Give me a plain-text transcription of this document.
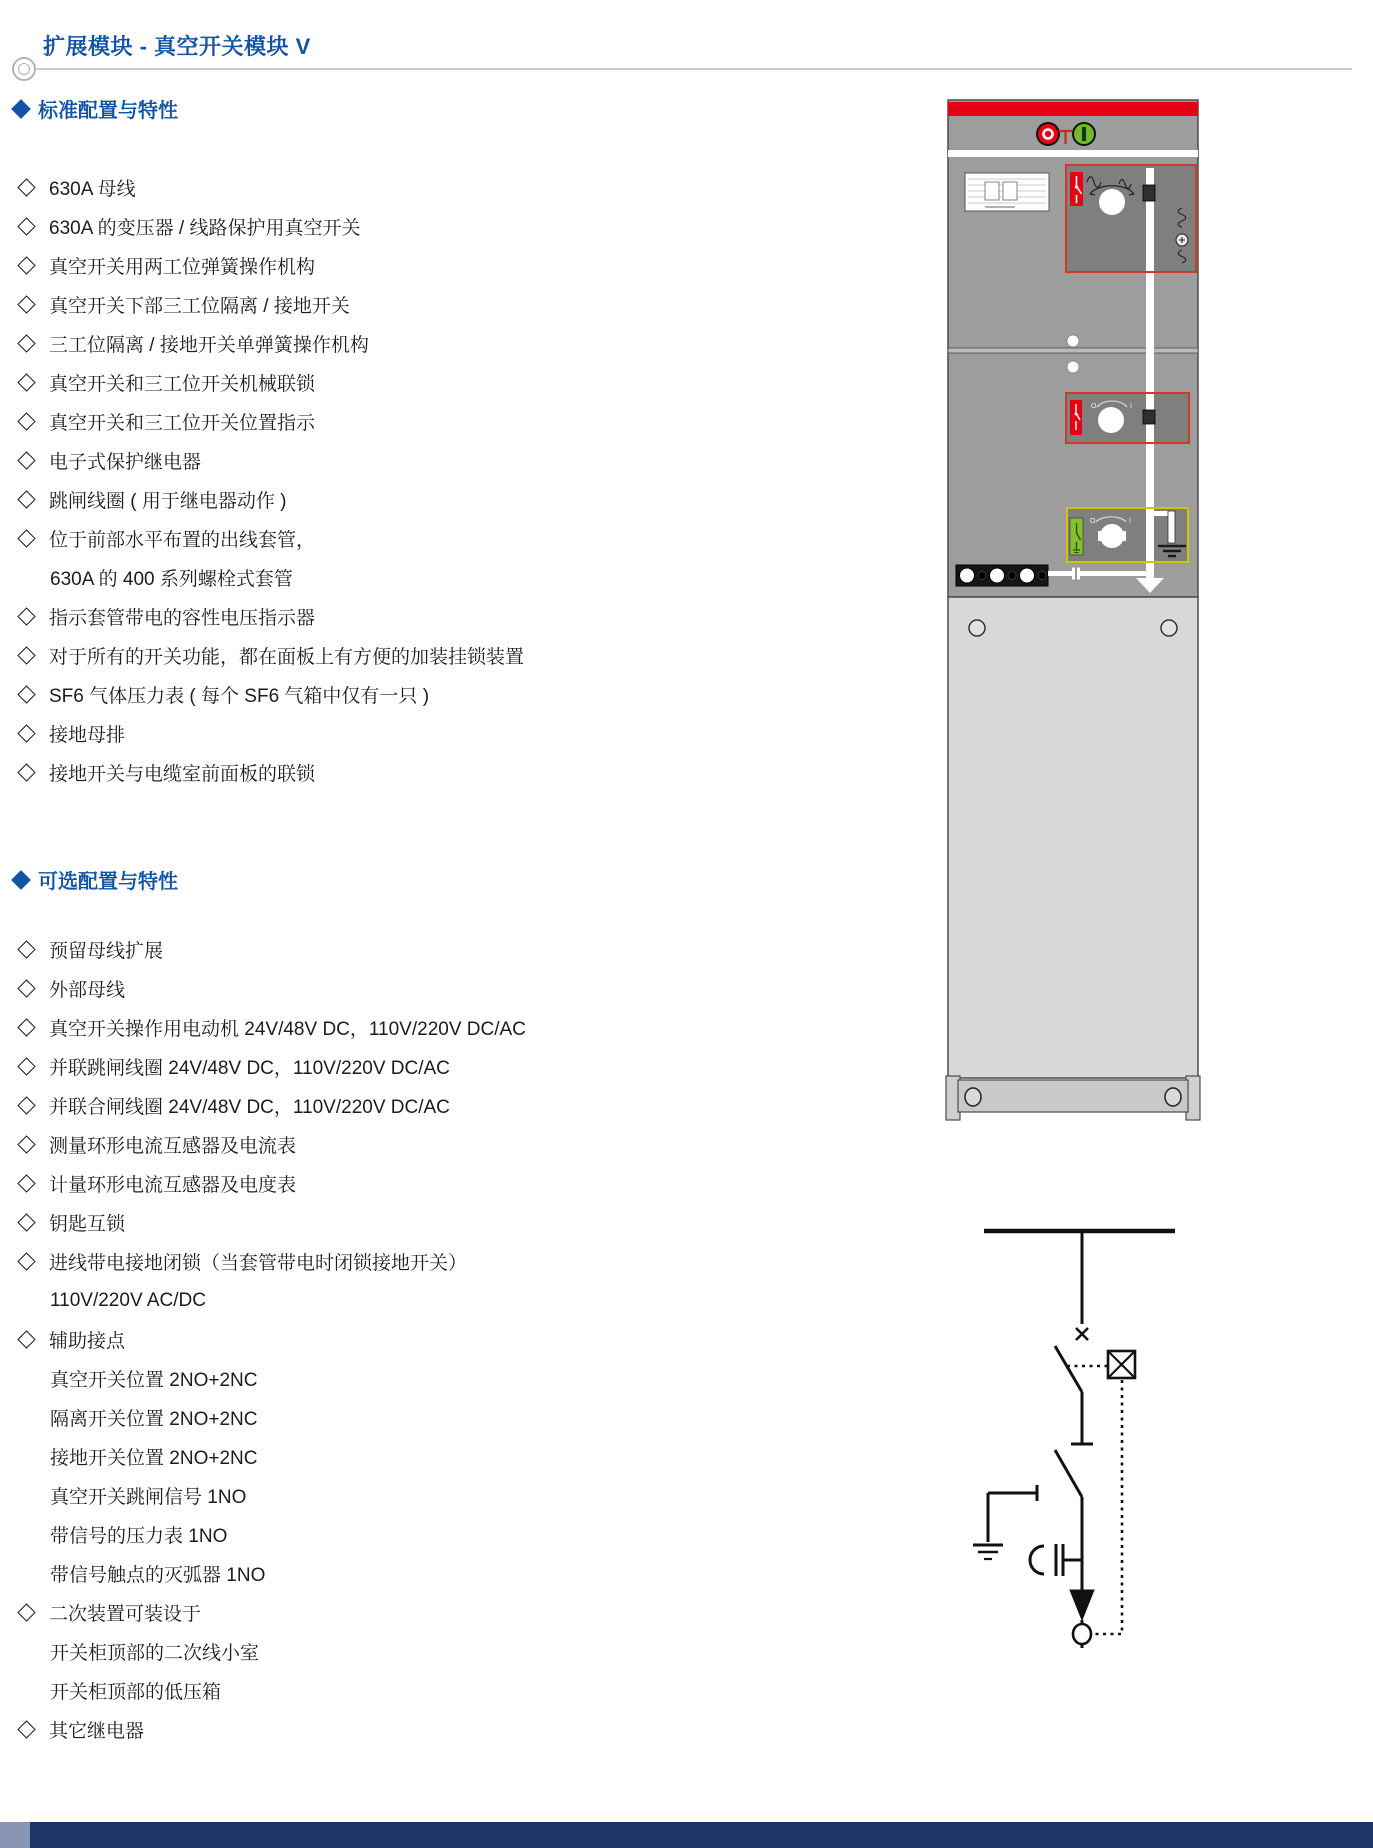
扩展模块 - 真空开关模块 V
标准配置与特性
630A 母线
630A 的变压器 / 线路保护用真空开关
真空开关用两工位弹簧操作机构
真空开关下部三工位隔离 / 接地开关
三工位隔离 / 接地开关单弹簧操作机构
真空开关和三工位开关机械联锁
真空开关和三工位开关位置指示
电子式保护继电器
跳闸线圈 ( 用于继电器动作 )
位于前部水平布置的出线套管，
630A 的 400 系列螺栓式套管
指示套管带电的容性电压指示器
对于所有的开关功能，都在面板上有方便的加装挂锁装置
SF6 气体压力表 ( 每个 SF6 气箱中仅有一只 )
接地母排
接地开关与电缆室前面板的联锁
可选配置与特性
预留母线扩展
外部母线
真空开关操作用电动机 24V/48V DC，110V/220V DC/AC
并联跳闸线圈 24V/48V DC，110V/220V DC/AC
并联合闸线圈 24V/48V DC，110V/220V DC/AC
测量环形电流互感器及电流表
计量环形电流互感器及电度表
钥匙互锁
进线带电接地闭锁（当套管带电时闭锁接地开关）
110V/220V AC/DC
辅助接点
真空开关位置 2NO+2NC
隔离开关位置 2NO+2NC
接地开关位置 2NO+2NC
真空开关跳闸信号 1NO
带信号的压力表 1NO
带信号触点的灭弧器 1NO
二次装置可装设于
开关柜顶部的二次线小室
开关柜顶部的低压箱
其它继电器
O	I
O	I
